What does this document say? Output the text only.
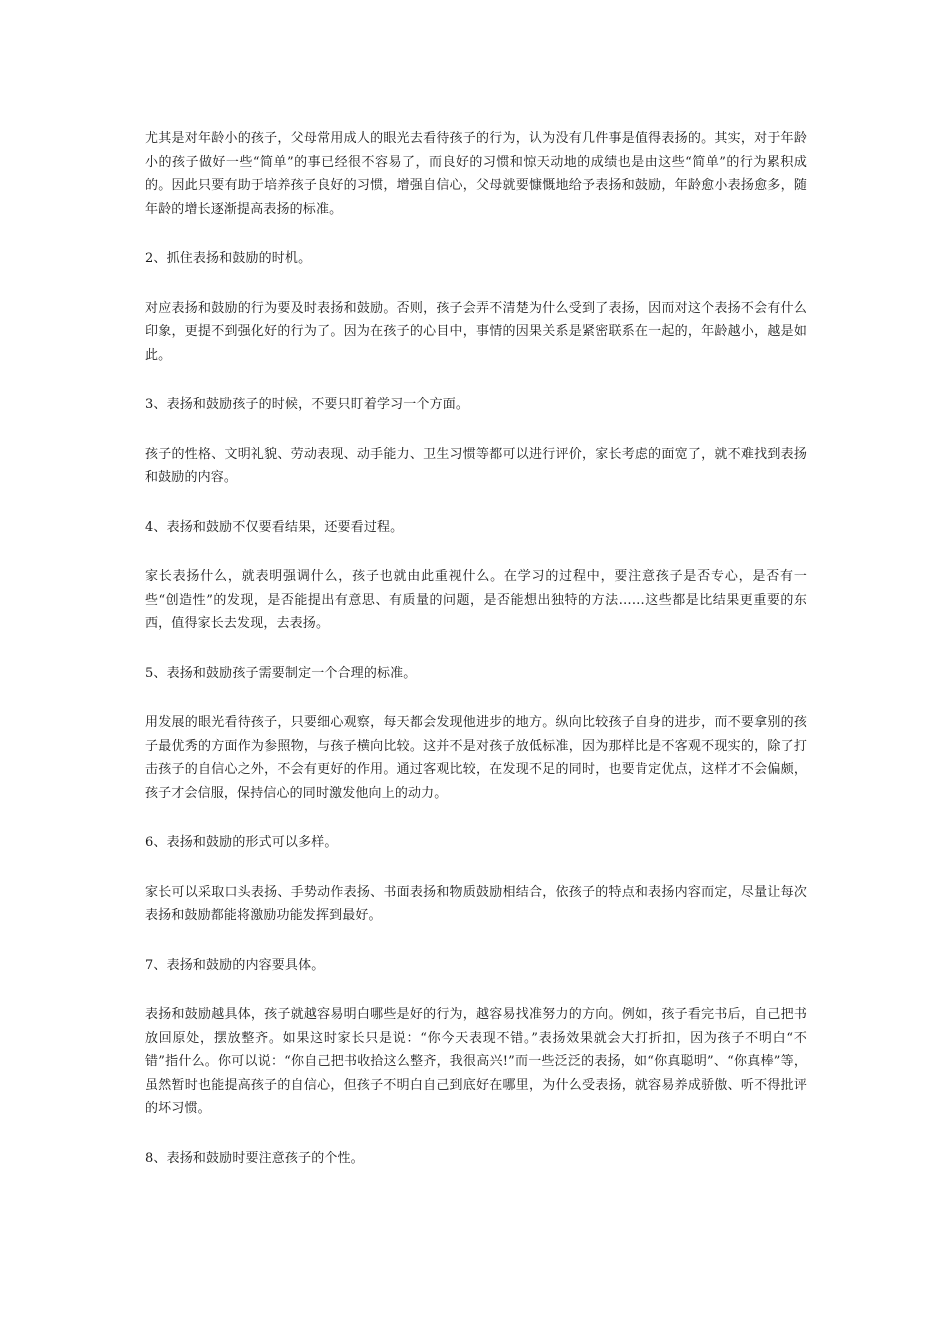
尤其是对年龄小的孩子，父母常用成人的眼光去看待孩子的行为，认为没有几件事是值得表扬的。其实，对于年龄小的孩子做好一些“简单”的事已经很不容易了，而良好的习惯和惊天动地的成绩也是由这些“简单”的行为累积成的。因此只要有助于培养孩子良好的习惯，增强自信心，父母就要慷慨地给予表扬和鼓励，年龄愈小表扬愈多，随年龄的增长逐渐提高表扬的标准。

2、抓住表扬和鼓励的时机。

对应表扬和鼓励的行为要及时表扬和鼓励。否则，孩子会弄不清楚为什么受到了表扬，因而对这个表扬不会有什么印象，更提不到强化好的行为了。因为在孩子的心目中，事情的因果关系是紧密联系在一起的，年龄越小，越是如此。

3、表扬和鼓励孩子的时候，不要只盯着学习一个方面。

孩子的性格、文明礼貌、劳动表现、动手能力、卫生习惯等都可以进行评价，家长考虑的面宽了，就不难找到表扬和鼓励的内容。

4、表扬和鼓励不仅要看结果，还要看过程。

家长表扬什么，就表明强调什么，孩子也就由此重视什么。在学习的过程中，要注意孩子是否专心，是否有一些“创造性”的发现，是否能提出有意思、有质量的问题，是否能想出独特的方法……这些都是比结果更重要的东西，值得家长去发现，去表扬。

5、表扬和鼓励孩子需要制定一个合理的标准。

用发展的眼光看待孩子，只要细心观察，每天都会发现他进步的地方。纵向比较孩子自身的进步，而不要拿别的孩子最优秀的方面作为参照物，与孩子横向比较。这并不是对孩子放低标准，因为那样比是不客观不现实的，除了打击孩子的自信心之外，不会有更好的作用。通过客观比较，在发现不足的同时，也要肯定优点，这样才不会偏颇，孩子才会信服，保持信心的同时激发他向上的动力。

6、表扬和鼓励的形式可以多样。

家长可以采取口头表扬、手势动作表扬、书面表扬和物质鼓励相结合，依孩子的特点和表扬内容而定，尽量让每次表扬和鼓励都能将激励功能发挥到最好。

7、表扬和鼓励的内容要具体。

表扬和鼓励越具体，孩子就越容易明白哪些是好的行为，越容易找准努力的方向。例如，孩子看完书后，自己把书放回原处，摆放整齐。如果这时家长只是说：“你今天表现不错。”表扬效果就会大打折扣，因为孩子不明白“不错”指什么。你可以说：“你自己把书收拾这么整齐，我很高兴!”而一些泛泛的表扬，如“你真聪明”、“你真棒”等，虽然暂时也能提高孩子的自信心，但孩子不明白自己到底好在哪里，为什么受表扬，就容易养成骄傲、听不得批评的坏习惯。

8、表扬和鼓励时要注意孩子的个性。
